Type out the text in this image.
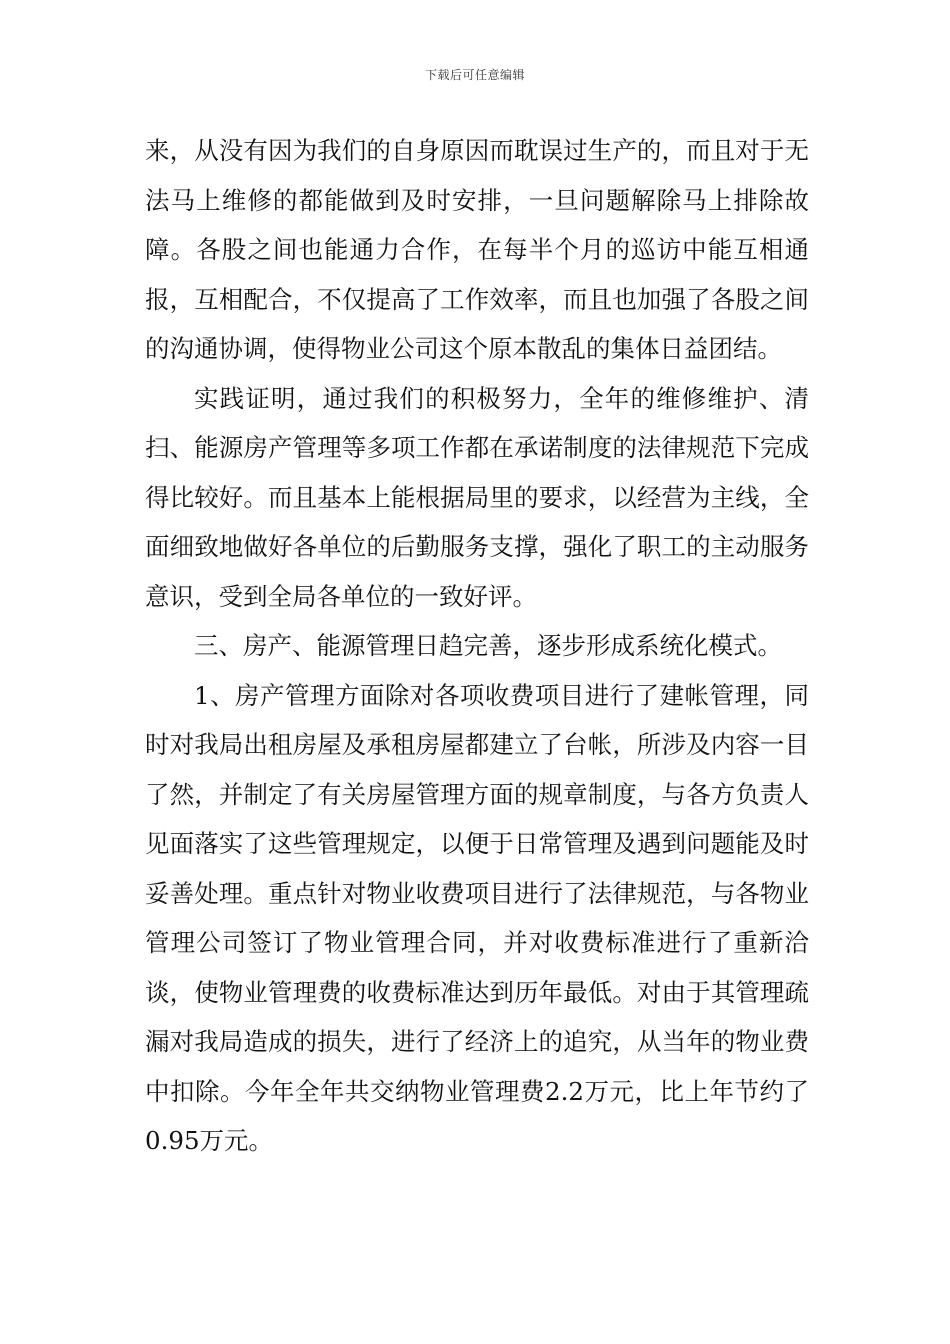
下载后可任意编辑

来，从没有因为我们的自身原因而耽误过生产的，而且对于无法马上维修的都能做到及时安排，一旦问题解除马上排除故障。各股之间也能通力合作，在每半个月的巡访中能互相通报，互相配合，不仅提高了工作效率，而且也加强了各股之间的沟通协调，使得物业公司这个原本散乱的集体日益团结。

实践证明，通过我们的积极努力，全年的维修维护、清扫、能源房产管理等多项工作都在承诺制度的法律规范下完成得比较好。而且基本上能根据局里的要求，以经营为主线，全面细致地做好各单位的后勤服务支撑，强化了职工的主动服务意识，受到全局各单位的一致好评。

三、房产、能源管理日趋完善，逐步形成系统化模式。

1、房产管理方面除对各项收费项目进行了建帐管理，同时对我局出租房屋及承租房屋都建立了台帐，所涉及内容一目了然，并制定了有关房屋管理方面的规章制度，与各方负责人见面落实了这些管理规定，以便于日常管理及遇到问题能及时妥善处理。重点针对物业收费项目进行了法律规范，与各物业管理公司签订了物业管理合同，并对收费标准进行了重新洽谈，使物业管理费的收费标准达到历年最低。对由于其管理疏漏对我局造成的损失，进行了经济上的追究，从当年的物业费中扣除。今年全年共交纳物业管理费2.2万元，比上年节约了0.95万元。
